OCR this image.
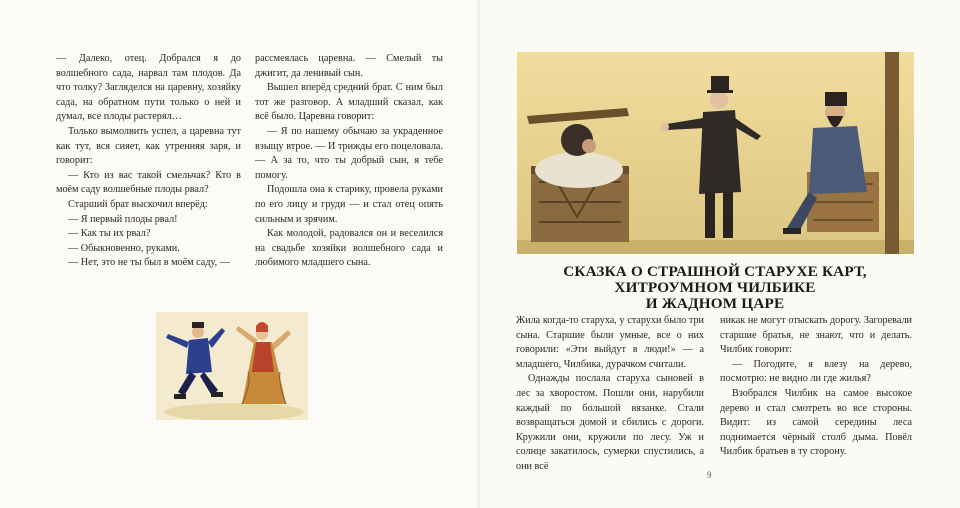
— Далеко, отец. Добрался я до волшебного сада, нарвал там плодов. Да что толку? Загляделся на царевну, хозяйку сада, на обратном пути только о ней и думал, все плоды растерял…

Только вымолвить успел, а царевна тут как тут, вся сияет, как утренняя заря, и говорит:

— Кто из вас такой смельчак? Кто в моём саду волшебные плоды рвал?

Старший брат выскочил вперёд:

— Я первый плоды рвал!

— Как ты их рвал?

— Обыкновенно, руками.

— Нет, это не ты был в моём саду, —

рассмеялась царевна. — Смелый ты джигит, да ленивый сын.

Вышел вперёд средний брат. С ним был тот же разговор. А младший сказал, как всё было. Царевна говорит:

— Я по нашему обычаю за украденное взыщу втрое. — И трижды его поцеловала. — А за то, что ты добрый сын, я тебе помогу.

Подошла она к старику, провела руками по его лицу и груди — и стал отец опять сильным и зрячим.

Как молодой, радовался он и веселился на свадьбе хозяйки волшебного сада и любимого младшего сына.

СКАЗКА О СТРАШНОЙ СТАРУХЕ КАРТ,
ХИТРОУМНОМ ЧИЛБИКЕ
И ЖАДНОМ ЦАРЕ

Жила когда-то старуха, у старухи было три сына. Старшие были умные, все о них говорили: «Эти выйдут в люди!» — а младшего, Чилбика, дурачком считали.

Однажды послала старуха сыновей в лес за хворостом. Пошли они, нарубили каждый по большой вязанке. Стали возвращаться домой и сбились с дороги. Кружили они, кружили по лесу. Уж и солнце закатилось, сумерки спустились, а они всё

никак не могут отыскать дорогу. Загоревали старшие братья, не знают, что и делать. Чилбик говорит:

— Погодите, я влезу на дерево, посмотрю: не видно ли где жилья?

Взобрался Чилбик на самое высокое дерево и стал смотреть во все стороны. Видит: из самой середины леса поднимается чёрный столб дыма. Повёл Чилбик братьев в ту сторону.

9
